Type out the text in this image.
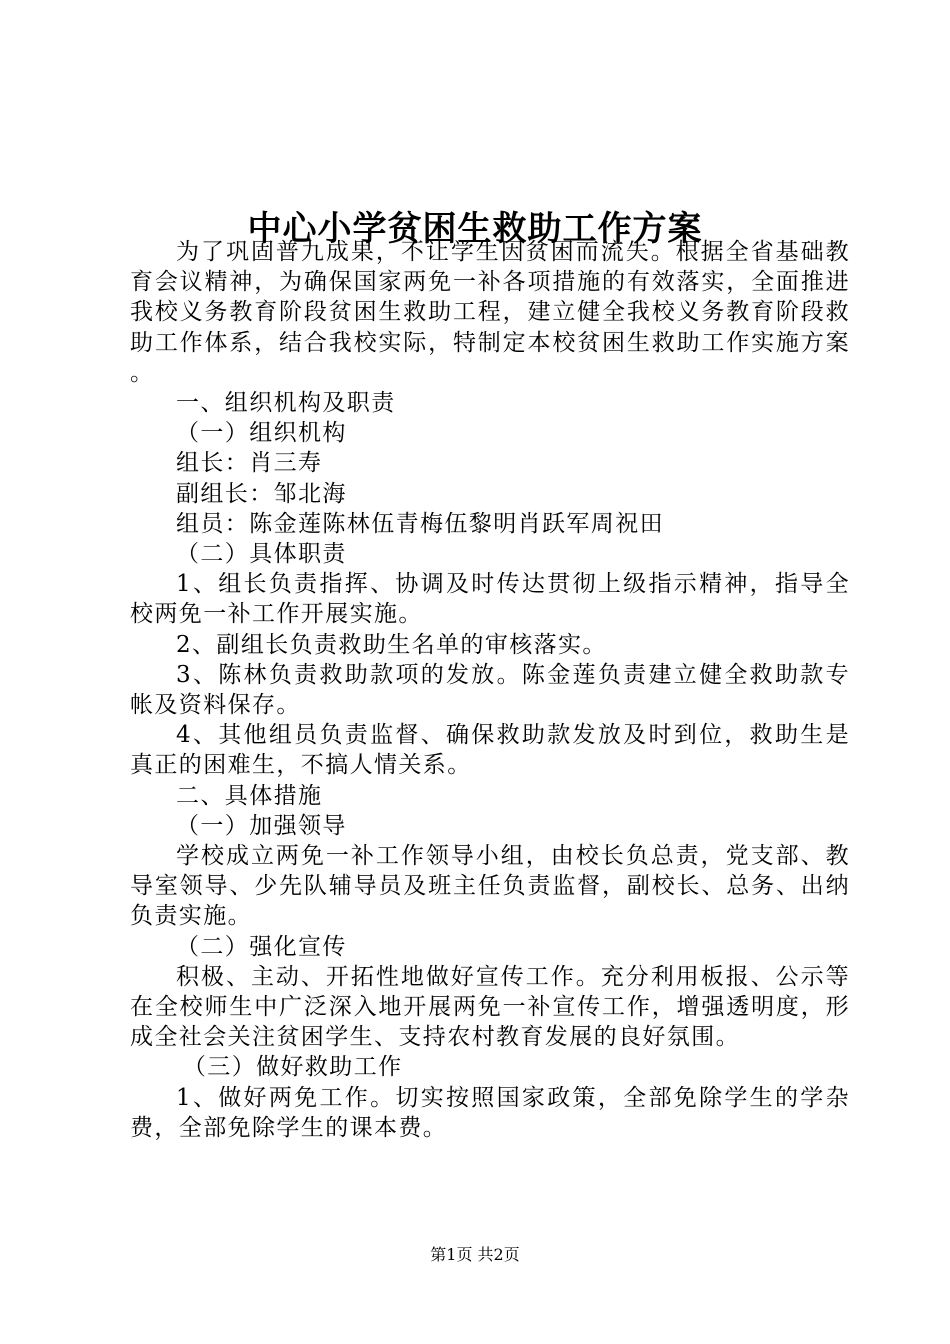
中心小学贫困生救助工作方案

为了巩固普九成果，不让学生因贫困而流失。根据全省基础教育会议精神，为确保国家两免一补各项措施的有效落实，全面推进我校义务教育阶段贫困生救助工程，建立健全我校义务教育阶段救助工作体系，结合我校实际，特制定本校贫困生救助工作实施方案。

一、组织机构及职责

（一）组织机构

组长：肖三寿

副组长：邹北海

组员：陈金莲陈林伍青梅伍黎明肖跃军周祝田

（二）具体职责

1、组长负责指挥、协调及时传达贯彻上级指示精神，指导全校两免一补工作开展实施。

2、副组长负责救助生名单的审核落实。

3、陈林负责救助款项的发放。陈金莲负责建立健全救助款专帐及资料保存。

4、其他组员负责监督、确保救助款发放及时到位，救助生是真正的困难生，不搞人情关系。

二、具体措施

（一）加强领导

学校成立两免一补工作领导小组，由校长负总责，党支部、教导室领导、少先队辅导员及班主任负责监督，副校长、总务、出纳负责实施。

（二）强化宣传

积极、主动、开拓性地做好宣传工作。充分利用板报、公示等在全校师生中广泛深入地开展两免一补宣传工作，增强透明度，形成全社会关注贫困学生、支持农村教育发展的良好氛围。

（三）做好救助工作

1、做好两免工作。切实按照国家政策，全部免除学生的学杂费，全部免除学生的课本费。

第1页 共2页
